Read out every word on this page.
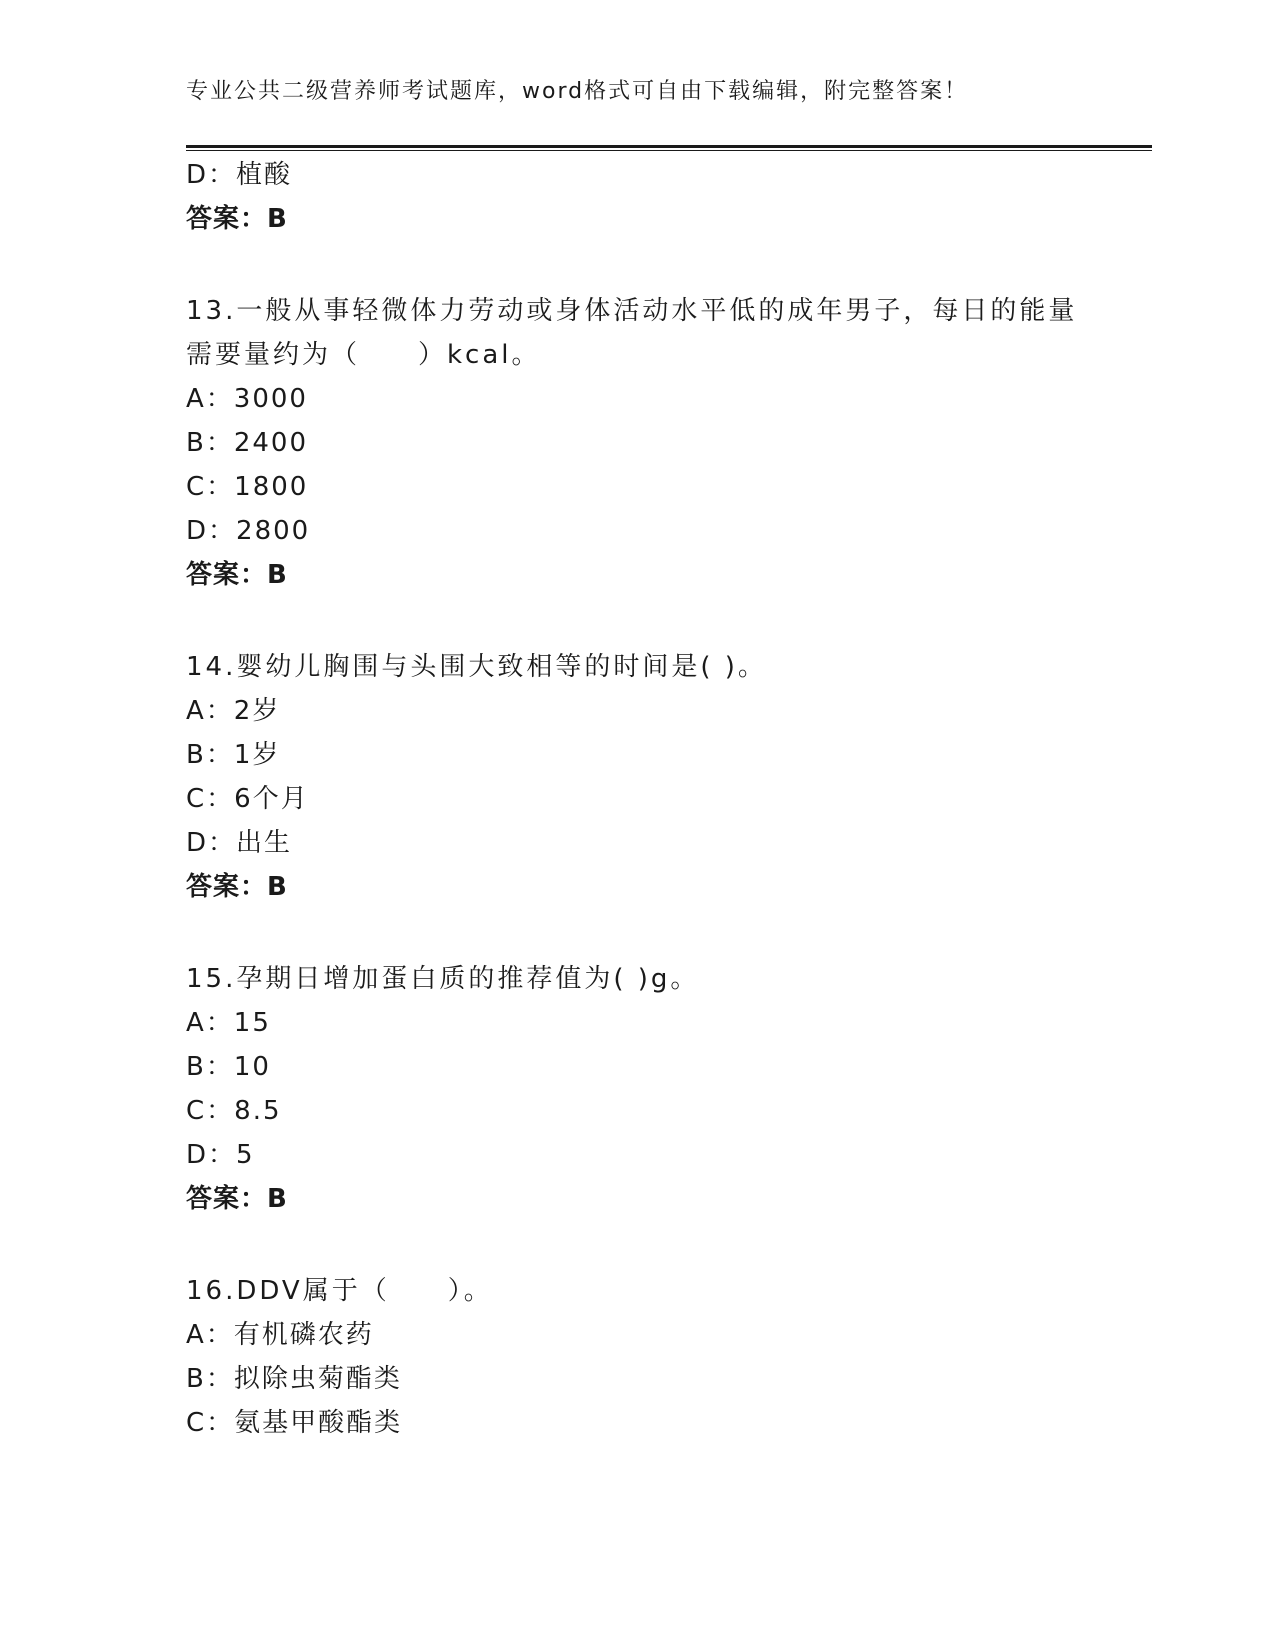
专业公共二级营养师考试题库，word格式可自由下载编辑，附完整答案！
D：植酸
答案：B
13.一般从事轻微体力劳动或身体活动水平低的成年男子，每日的能量
需要量约为（　　）kcal。
A：3000
B：2400
C：1800
D：2800
答案：B
14.婴幼儿胸围与头围大致相等的时间是( )。
A：2岁
B：1岁
C：6个月
D：出生
答案：B
15.孕期日增加蛋白质的推荐值为( )g。
A：15
B：10
C：8.5
D：5
答案：B
16.DDV属于（　　）。
A：有机磷农药
B：拟除虫菊酯类
C：氨基甲酸酯类
